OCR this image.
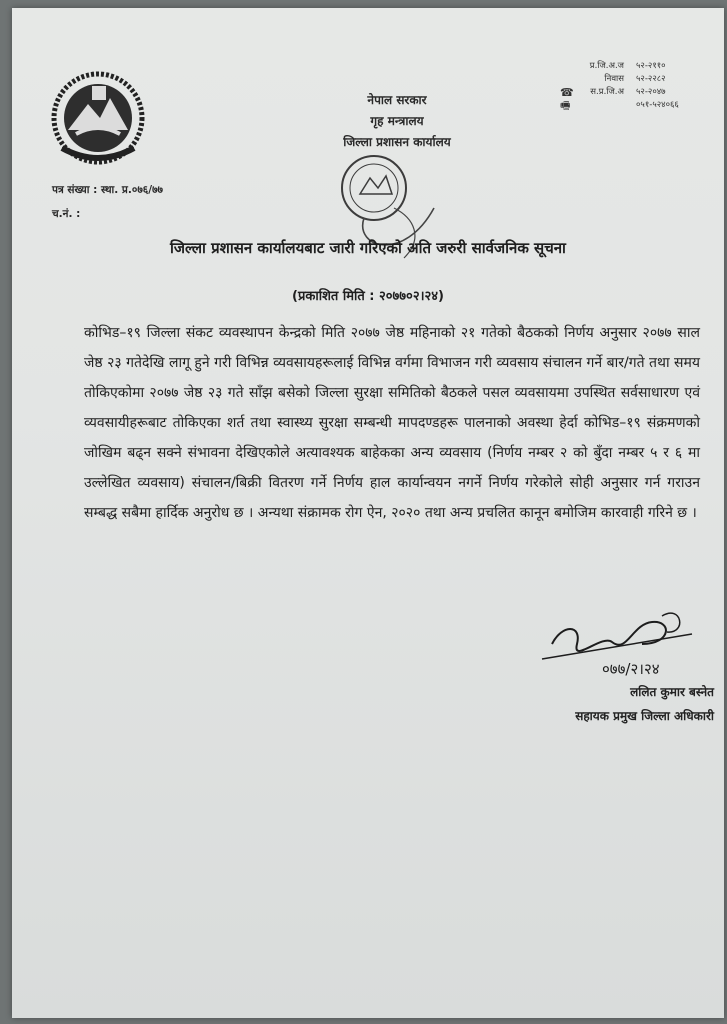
नेपाल सरकार
गृह मन्त्रालय
जिल्ला प्रशासन कार्यालय
प्र.जि.अ.ज	५२-२११०
निवास	५२-२२८२
☎	स.प्र.जि.अ	५२-२०४७
🖷	०५१-५२४०६६
पत्र संख्या : स्था. प्र.०७६/७७
च.नं. :
जिल्ला प्रशासन कार्यालयबाट जारी गरिएको अति जरुरी सार्वजनिक सूचना
(प्रकाशित मिति : २०७७०२।२४)
कोभिड–१९ जिल्ला संकट व्यवस्थापन केन्द्रको मिति २०७७ जेष्ठ महिनाको २१ गतेको बैठकको निर्णय अनुसार २०७७ साल जेष्ठ २३ गतेदेखि लागू हुने गरी विभिन्न व्यवसायहरूलाई विभिन्न वर्गमा विभाजन गरी व्यवसाय संचालन गर्ने बार/गते तथा समय तोकिएकोमा २०७७ जेष्ठ २३ गते साँझ बसेको जिल्ला सुरक्षा समितिको बैठकले पसल व्यवसायमा उपस्थित सर्वसाधारण एवं व्यवसायीहरूबाट तोकिएका शर्त तथा स्वास्थ्य सुरक्षा सम्बन्धी मापदण्डहरू पालनाको अवस्था हेर्दा कोभिड–१९ संक्रमणको जोखिम बढ्न सक्ने संभावना देखिएकोले अत्यावश्यक बाहेकका अन्य व्यवसाय (निर्णय नम्बर २ को बुँदा नम्बर ५ र ६ मा उल्लेखित व्यवसाय) संचालन/बिक्री वितरण गर्ने निर्णय हाल कार्यान्वयन नगर्ने निर्णय गरेकोले सोही अनुसार गर्न गराउन सम्बद्ध सबैमा हार्दिक अनुरोध छ । अन्यथा संक्रामक रोग ऐन, २०२० तथा अन्य प्रचलित कानून बमोजिम कारवाही गरिने छ ।
०७७/२।२४
ललित कुमार बस्नेत
सहायक प्रमुख जिल्ला अधिकारी
